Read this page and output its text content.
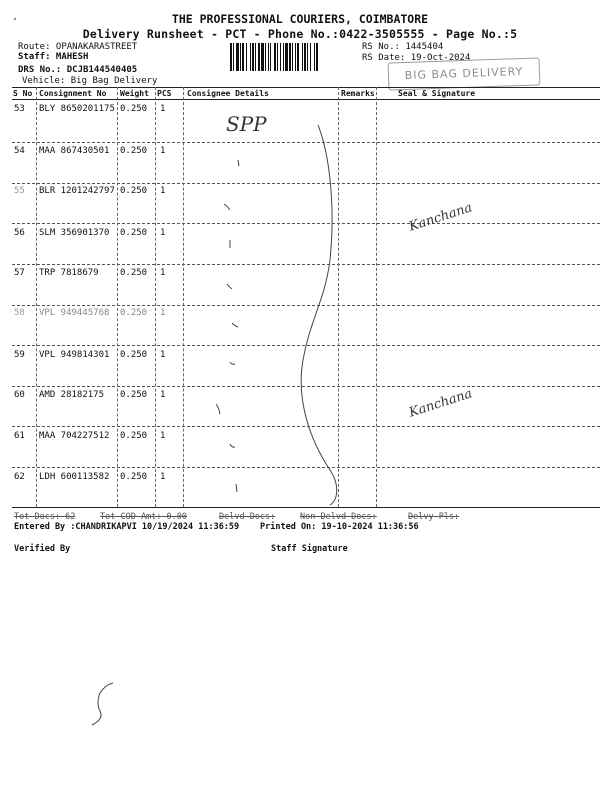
THE PROFESSIONAL COURIERS, COIMBATORE
Delivery Runsheet - PCT - Phone No.:0422-3505555 - Page No.:5
Route: OPANAKARASTREET
Staff: MAHESH
DRS No.: DCJB144540405
Vehicle: Big Bag Delivery
RS No.: 1445404
RS Date: 19-Oct-2024
BIG BAG DELIVERY
S No Consignment No Weight PCS Consignee Details	Remarks	Seal & Signature
53 BLY 8650201175 0.250 1
54 MAA 867430501 0.250 1
55 BLR 1201242797 0.250 1
56 SLM 356901370 0.250 1
57 TRP 7818679 0.250 1
58 VPL 949445768 0.250 1
59 VPL 949814301 0.250 1
60 AMD 28182175 0.250 1
61 MAA 704227512 0.250 1
62 LDH 600113582 0.250 1
SPP
Kanchana
Kanchana
Tot Docs: 62	Tot COD Amt: 0.00	Delvd Docs:	Non Delvd Docs:	Delvy Pls:
Entered By :CHANDRIKAPVI 10/19/2024 11:36:59 Printed On: 19-10-2024 11:36:56
Verified By	Staff Signature
